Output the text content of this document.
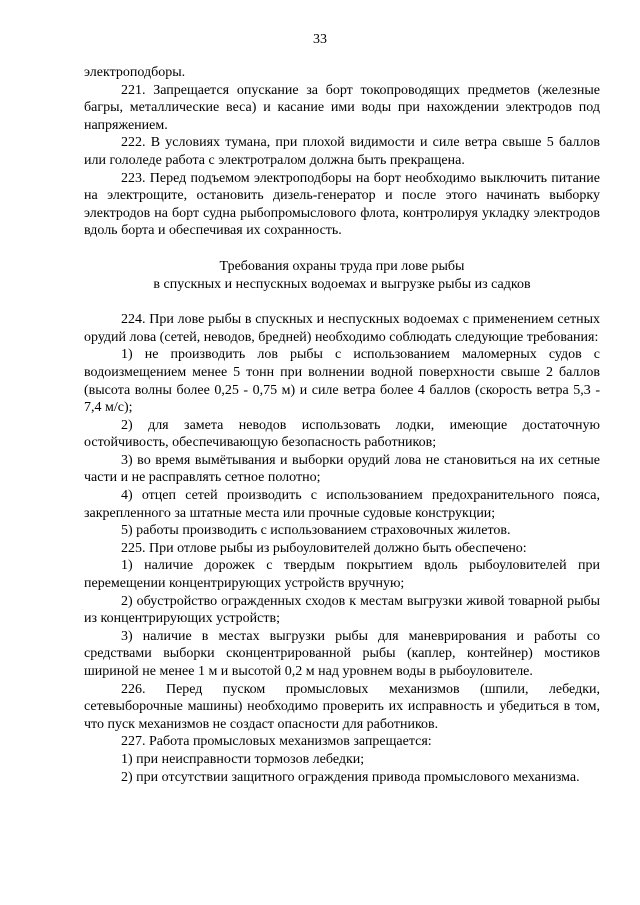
33

электроподборы.

221. Запрещается опускание за борт токопроводящих предметов (железные багры, металлические веса) и касание ими воды при нахождении электродов под напряжением.

222. В условиях тумана, при плохой видимости и силе ветра свыше 5 баллов или гололеде работа с электротралом должна быть прекращена.

223. Перед подъемом электроподборы на борт необходимо выключить питание на электрощите, остановить дизель-генератор и после этого начинать выборку электродов на борт судна рыбопромыслового флота, контролируя укладку электродов вдоль борта и обеспечивая их сохранность.

Требования охраны труда при лове рыбы

в спускных и неспускных водоемах и выгрузке рыбы из садков

224. При лове рыбы в спускных и неспускных водоемах с применением сетных орудий лова (сетей, неводов, бредней) необходимо соблюдать следующие требования:

1) не производить лов рыбы с использованием маломерных судов с водоизмещением менее 5 тонн при волнении водной поверхности свыше 2 баллов (высота волны более 0,25 - 0,75 м) и силе ветра более 4 баллов (скорость ветра 5,3 - 7,4 м/с);

2) для замета неводов использовать лодки, имеющие достаточную остойчивость, обеспечивающую безопасность работников;

3) во время вымётывания и выборки орудий лова не становиться на их сетные части и не расправлять сетное полотно;

4) отцеп сетей производить с использованием предохранительного пояса, закрепленного за штатные места или прочные судовые конструкции;

5) работы производить с использованием страховочных жилетов.

225. При отлове рыбы из рыбоуловителей должно быть обеспечено:

1) наличие дорожек с твердым покрытием вдоль рыбоуловителей при перемещении концентрирующих устройств вручную;

2) обустройство огражденных сходов к местам выгрузки живой товарной рыбы из концентрирующих устройств;

3) наличие в местах выгрузки рыбы для маневрирования и работы со средствами выборки сконцентрированной рыбы (каплер, контейнер) мостиков шириной не менее 1 м и высотой 0,2 м над уровнем воды в рыбоуловителе.

226. Перед пуском промысловых механизмов (шпили, лебедки, сетевыборочные машины) необходимо проверить их исправность и убедиться в том, что пуск механизмов не создаст опасности для работников.

227. Работа промысловых механизмов запрещается:

1) при неисправности тормозов лебедки;

2) при отсутствии защитного ограждения привода промыслового механизма.
